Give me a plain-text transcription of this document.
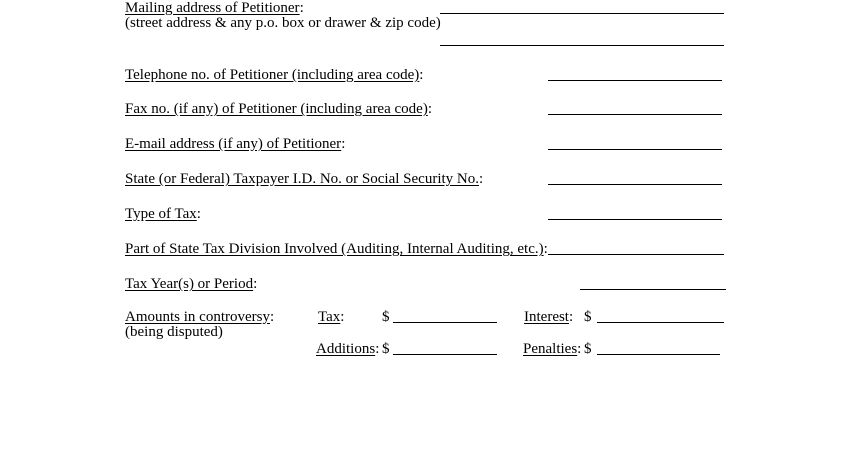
Mailing address of Petitioner:
(street address & any p.o. box or drawer & zip code)
Telephone no. of Petitioner (including area code):
Fax no. (if any) of Petitioner (including area code):
E-mail address (if any) of Petitioner:
State (or Federal) Taxpayer I.D. No. or Social Security No.:
Type of Tax:
Part of State Tax Division Involved (Auditing, Internal Auditing, etc.):
Tax Year(s) or Period:
Amounts in controversy:
(being disputed)
Tax:	$	Interest: $
Additions: $	Penalties: $
